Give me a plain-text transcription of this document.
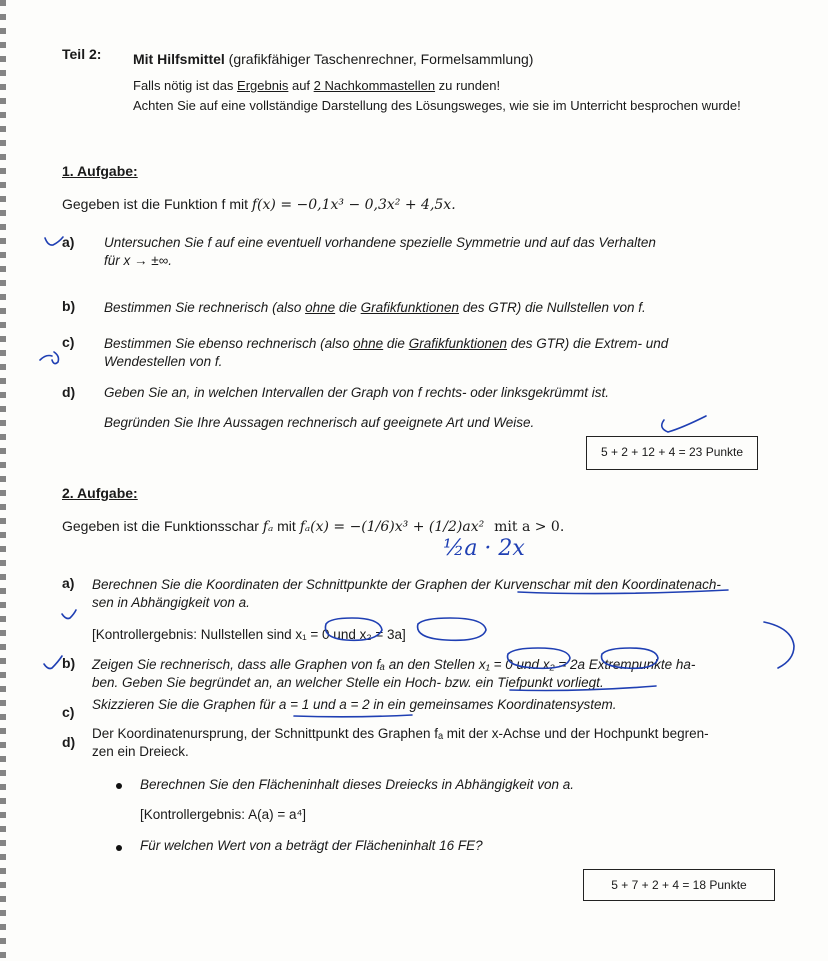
Teil 2: Mit Hilfsmittel (grafikfähiger Taschenrechner, Formelsammlung)
Falls nötig ist das Ergebnis auf 2 Nachkommastellen zu runden!
Achten Sie auf eine vollständige Darstellung des Lösungsweges, wie sie im Unterricht besprochen wurde!
1. Aufgabe:
Gegeben ist die Funktion f mit f(x) = −0,1x³ − 0,3x² + 4,5x.
a) Untersuchen Sie f auf eine eventuell vorhandene spezielle Symmetrie und auf das Verhalten
für x → ±∞.
b) Bestimmen Sie rechnerisch (also ohne die Grafikfunktionen des GTR) die Nullstellen von f.
c) Bestimmen Sie ebenso rechnerisch (also ohne die Grafikfunktionen des GTR) die Extrem- und
Wendestellen von f.
d) Geben Sie an, in welchen Intervallen der Graph von f rechts- oder linksgekrümmt ist.
Begründen Sie Ihre Aussagen rechnerisch auf geeignete Art und Weise.
5 + 2 + 12 + 4 = 23 Punkte
2. Aufgabe:
Gegeben ist die Funktionsschar fₐ mit fₐ(x) = −(1/6)x³ + (1/2)ax² mit a > 0.
½a · 2x
a) Berechnen Sie die Koordinaten der Schnittpunkte der Graphen der Kurvenschar mit den Koordinatenach-
sen in Abhängigkeit von a.
[Kontrollergebnis: Nullstellen sind x₁ = 0 und x₂ = 3a]
b) Zeigen Sie rechnerisch, dass alle Graphen von fₐ an den Stellen x₁ = 0 und x₂ = 2a Extrempunkte ha-
ben. Geben Sie begründet an, an welcher Stelle ein Hoch- bzw. ein Tiefpunkt vorliegt.
c) Skizzieren Sie die Graphen für a = 1 und a = 2 in ein gemeinsames Koordinatensystem.
d)
Der Koordinatenursprung, der Schnittpunkt des Graphen fₐ mit der x-Achse und der Hochpunkt begren-
zen ein Dreieck.
Berechnen Sie den Flächeninhalt dieses Dreiecks in Abhängigkeit von a.
[Kontrollergebnis: A(a) = a⁴]
Für welchen Wert von a beträgt der Flächeninhalt 16 FE?
5 + 7 + 2 + 4 = 18 Punkte
